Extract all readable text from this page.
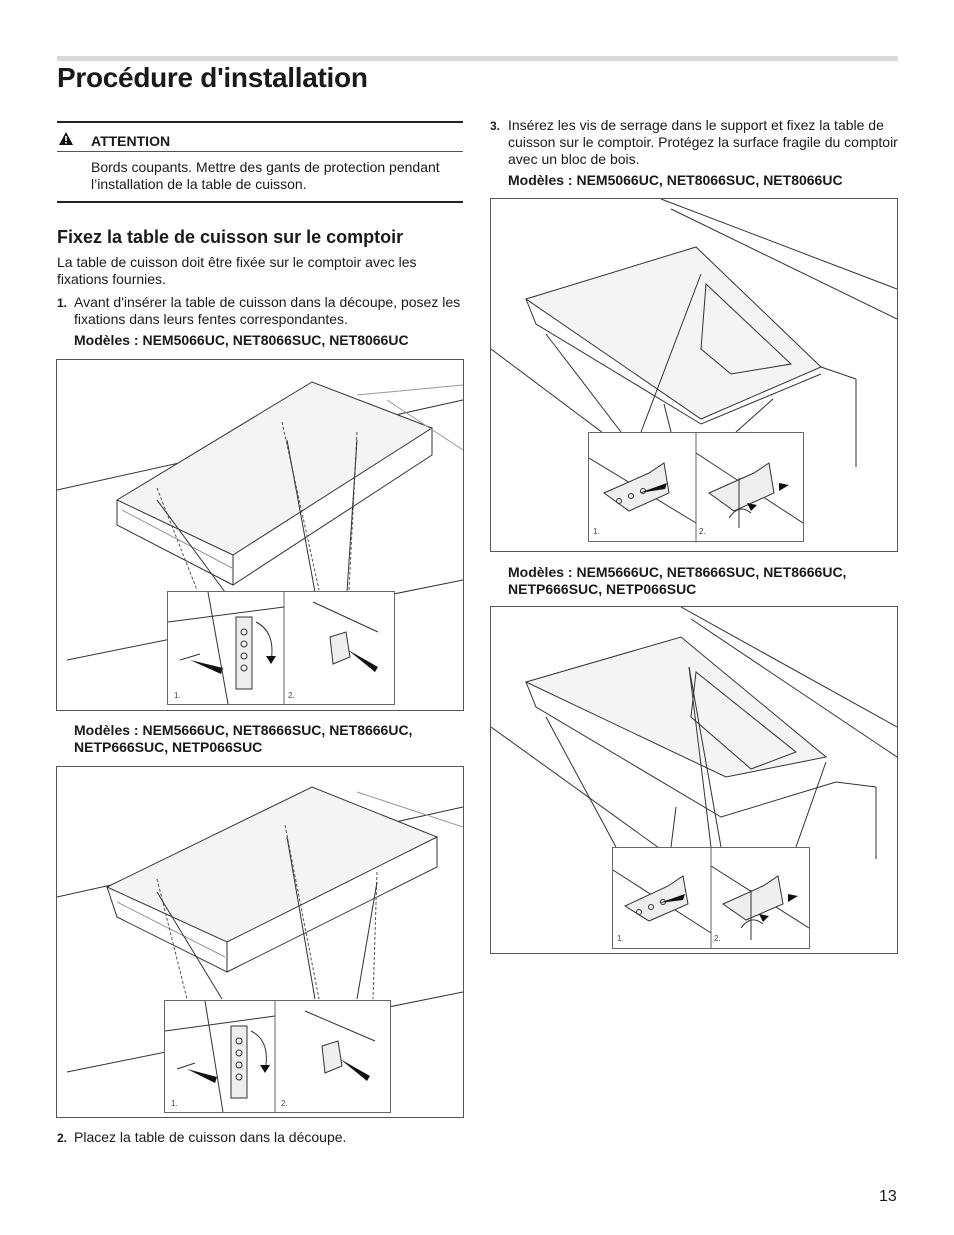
Procédure d'installation
ATTENTION

Bords coupants. Mettre des gants de protection pendant l’installation de la table de cuisson.

Fixez la table de cuisson sur le comptoir

La table de cuisson doit être fixée sur le comptoir avec les fixations fournies.

1. Avant d'insérer la table de cuisson dans la découpe, posez les fixations dans leurs fentes correspondantes.

Modèles : NEM5066UC, NET8066SUC, NET8066UC

1.	2.

Modèles : NEM5666UC, NET8666SUC, NET8666UC, NETP666SUC, NETP066SUC

1.	2.
2. Placez la table de cuisson dans la découpe.

3. Insérez les vis de serrage dans le support et fixez la table de cuisson sur le comptoir. Protégez la surface fragile du comptoir avec un bloc de bois.

Modèles : NEM5066UC, NET8066SUC, NET8066UC

1.	2.

Modèles : NEM5666UC, NET8666SUC, NET8666UC, NETP666SUC, NETP066SUC

1.	2.
13
